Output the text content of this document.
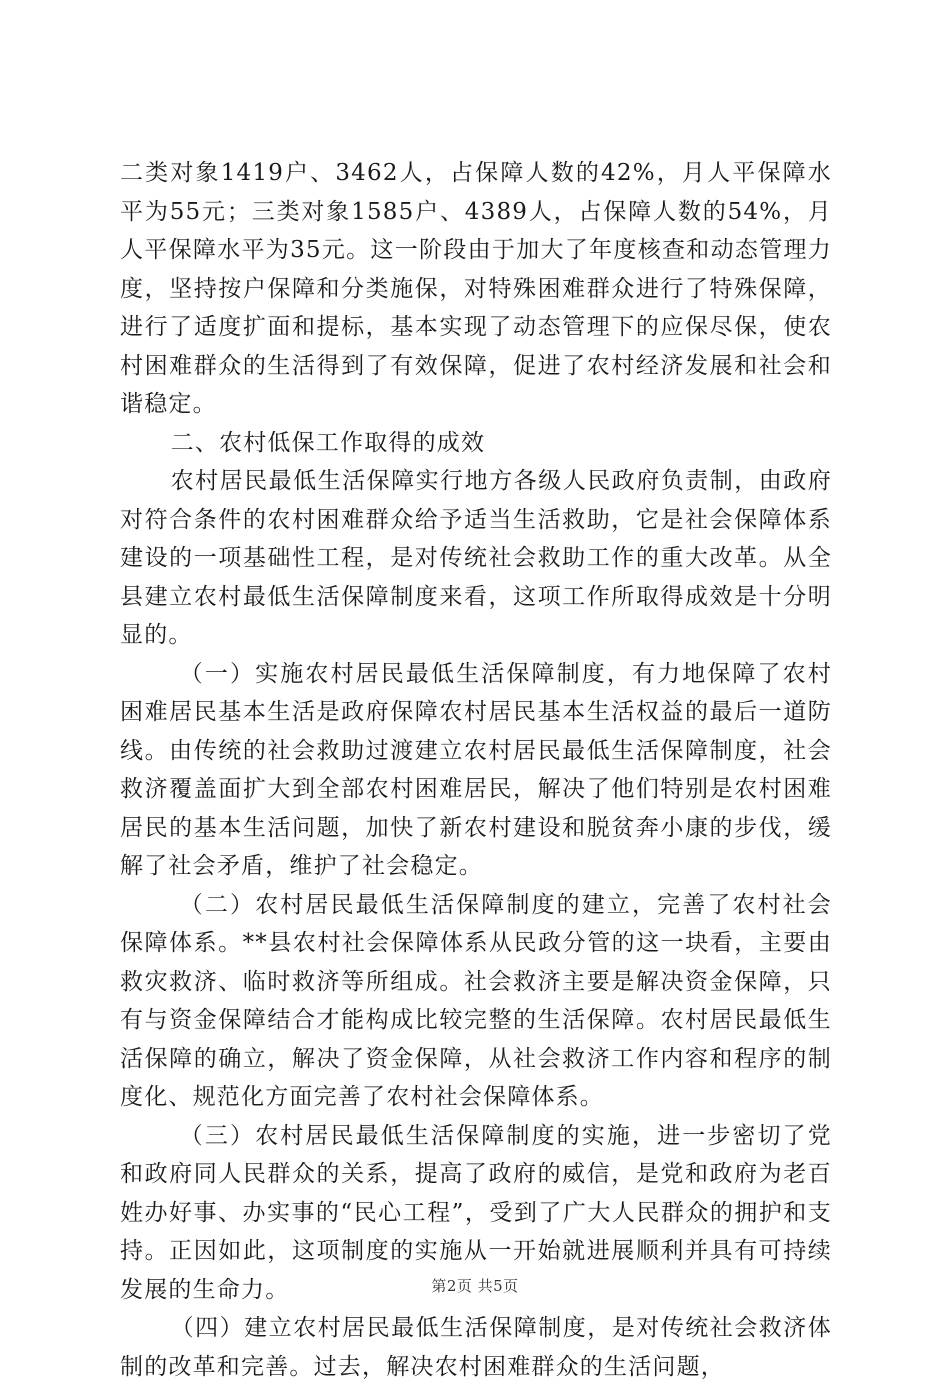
二类对象1419户、3462人，占保障人数的42%，月人平保障水平为55元；三类对象1585户、4389人，占保障人数的54%，月人平保障水平为35元。这一阶段由于加大了年度核查和动态管理力度，坚持按户保障和分类施保，对特殊困难群众进行了特殊保障，进行了适度扩面和提标，基本实现了动态管理下的应保尽保，使农村困难群众的生活得到了有效保障，促进了农村经济发展和社会和谐稳定。

二、农村低保工作取得的成效

农村居民最低生活保障实行地方各级人民政府负责制，由政府对符合条件的农村困难群众给予适当生活救助，它是社会保障体系建设的一项基础性工程，是对传统社会救助工作的重大改革。从全县建立农村最低生活保障制度来看，这项工作所取得成效是十分明显的。

（一）实施农村居民最低生活保障制度，有力地保障了农村困难居民基本生活是政府保障农村居民基本生活权益的最后一道防线。由传统的社会救助过渡建立农村居民最低生活保障制度，社会救济覆盖面扩大到全部农村困难居民，解决了他们特别是农村困难居民的基本生活问题，加快了新农村建设和脱贫奔小康的步伐，缓解了社会矛盾，维护了社会稳定。

（二）农村居民最低生活保障制度的建立，完善了农村社会保障体系。**县农村社会保障体系从民政分管的这一块看，主要由救灾救济、临时救济等所组成。社会救济主要是解决资金保障，只有与资金保障结合才能构成比较完整的生活保障。农村居民最低生活保障的确立，解决了资金保障，从社会救济工作内容和程序的制度化、规范化方面完善了农村社会保障体系。

（三）农村居民最低生活保障制度的实施，进一步密切了党和政府同人民群众的关系，提高了政府的威信，是党和政府为老百姓办好事、办实事的“民心工程”，受到了广大人民群众的拥护和支持。正因如此，这项制度的实施从一开始就进展顺利并具有可持续发展的生命力。

（四）建立农村居民最低生活保障制度，是对传统社会救济体制的改革和完善。过去，解决农村困难群众的生活问题，

第2页 共5页
